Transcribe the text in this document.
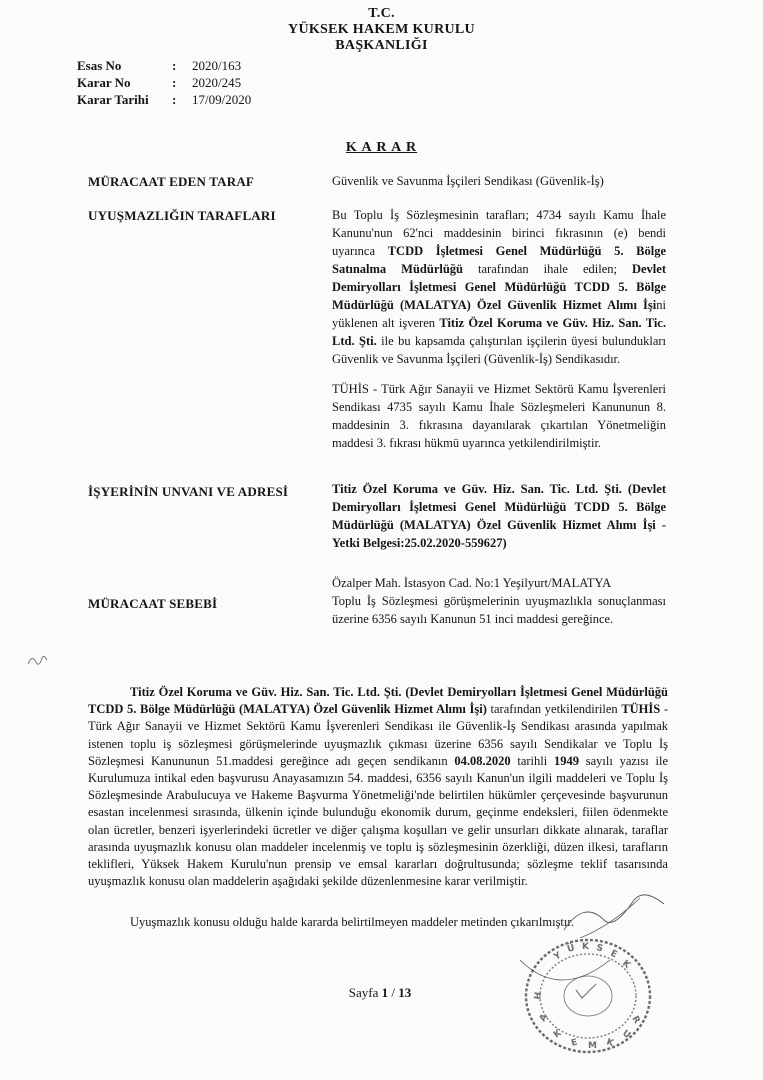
T.C.
YÜKSEK HAKEM KURULU
BAŞKANLIĞI
Esas No	: 2020/163
Karar No	: 2020/245
Karar Tarihi : 17/09/2020
K A R A R
MÜRACAAT EDEN TARAF	Güvenlik ve Savunma İşçileri Sendikası (Güvenlik-İş)
UYUŞMAZLIĞIN TARAFLARI	Bu Toplu İş Sözleşmesinin tarafları; 4734 sayılı Kamu İhale Kanunu'nun 62'nci maddesinin birinci fıkrasının (e) bendi uyarınca TCDD İşletmesi Genel Müdürlüğü 5. Bölge Satınalma Müdürlüğü tarafından ihale edilen; Devlet Demiryolları İşletmesi Genel Müdürlüğü TCDD 5. Bölge Müdürlüğü (MALATYA) Özel Güvenlik Hizmet Alımı İşini yüklenen alt işveren Titiz Özel Koruma ve Güv. Hiz. San. Tic. Ltd. Şti. ile bu kapsamda çalıştırılan işçilerin üyesi bulundukları Güvenlik ve Savunma İşçileri (Güvenlik-İş) Sendikasıdır.
TÜHİS - Türk Ağır Sanayii ve Hizmet Sektörü Kamu İşverenleri Sendikası 4735 sayılı Kamu İhale Sözleşmeleri Kanununun 8. maddesinin 3. fıkrasına dayanılarak çıkartılan Yönetmeliğin maddesi 3. fıkrası hükmü uyarınca yetkilendirilmiştir.
İŞYERİNİN UNVANI VE ADRESİ	Titiz Özel Koruma ve Güv. Hiz. San. Tic. Ltd. Şti. (Devlet Demiryolları İşletmesi Genel Müdürlüğü TCDD 5. Bölge Müdürlüğü (MALATYA) Özel Güvenlik Hizmet Alımı İşi - Yetki Belgesi:25.02.2020-559627)
Özalper Mah. İstasyon Cad. No:1 Yeşilyurt/MALATYA
MÜRACAAT SEBEBİ	Toplu İş Sözleşmesi görüşmelerinin uyuşmazlıkla sonuçlanması üzerine 6356 sayılı Kanunun 51 inci maddesi gereğince.
Titiz Özel Koruma ve Güv. Hiz. San. Tic. Ltd. Şti. (Devlet Demiryolları İşletmesi Genel Müdürlüğü TCDD 5. Bölge Müdürlüğü (MALATYA) Özel Güvenlik Hizmet Alımı İşi) tarafından yetkilendirilen TÜHİS - Türk Ağır Sanayii ve Hizmet Sektörü Kamu İşverenleri Sendikası ile Güvenlik-İş Sendikası arasında yapılmak istenen toplu iş sözleşmesi görüşmelerinde uyuşmazlık çıkması üzerine 6356 sayılı Sendikalar ve Toplu İş Sözleşmesi Kanununun 51.maddesi gereğince adı geçen sendikanın 04.08.2020 tarihli 1949 sayılı yazısı ile Kurulumuza intikal eden başvurusu Anayasamızın 54. maddesi, 6356 sayılı Kanun'un ilgili maddeleri ve Toplu İş Sözleşmesinde Arabulucuya ve Hakeme Başvurma Yönetmeliği'nde belirtilen hükümler çerçevesinde başvurunun esastan incelenmesi sırasında, ülkenin içinde bulunduğu ekonomik durum, geçinme endeksleri, fiilen ödenmekte olan ücretler, benzeri işyerlerindeki ücretler ve diğer çalışma koşulları ve gelir unsurları dikkate alınarak, taraflar arasında uyuşmazlık konusu olan maddeler incelenmiş ve toplu iş sözleşmesinin özerkliği, düzen ilkesi, tarafların teklifleri, Yüksek Hakem Kurulu'nun prensip ve emsal kararları doğrultusunda; sözleşme teklif tasarısında uyuşmazlık konusu olan maddelerin aşağıdaki şekilde düzenlenmesine karar verilmiştir.
Uyuşmazlık konusu olduğu halde kararda belirtilmeyen maddeler metinden çıkarılmıştır.
Sayfa 1 / 13
Y
Ü K S E
K
H
A
K
E M K
U
R
